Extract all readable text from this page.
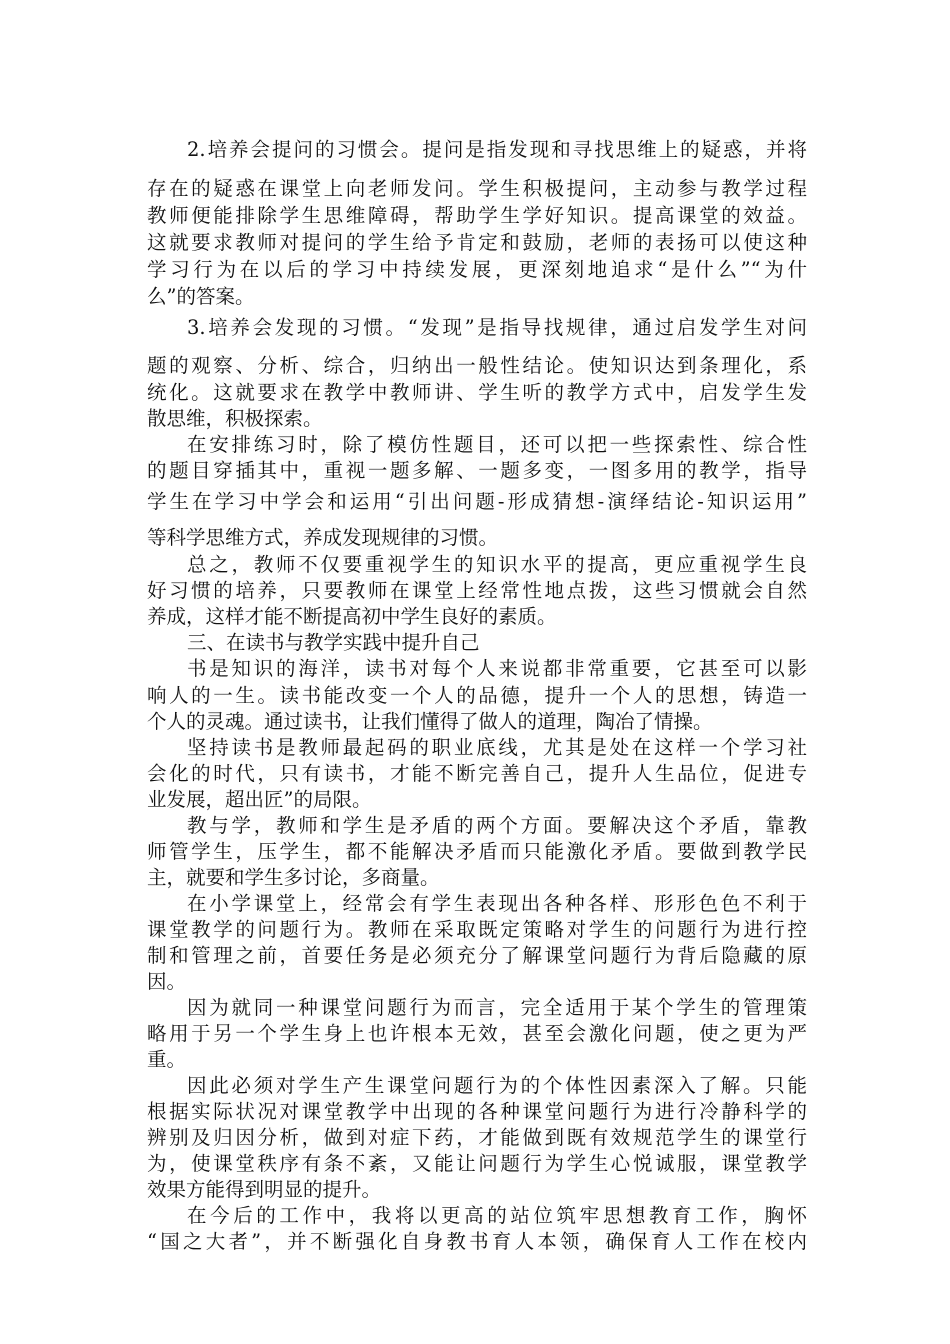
2.培养会提问的习惯会。提问是指发现和寻找思维上的疑惑，并将
存在的疑惑在课堂上向老师发问。学生积极提问，主动参与教学过程
教师便能排除学生思维障碍，帮助学生学好知识。提高课堂的效益。
这就要求教师对提问的学生给予肯定和鼓励，老师的表扬可以使这种
学习行为在以后的学习中持续发展，更深刻地追求“是什么”“为什
么”的答案。
3.培养会发现的习惯。“发现”是指导找规律，通过启发学生对问
题的观察、分析、综合，归纳出一般性结论。使知识达到条理化，系
统化。这就要求在教学中教师讲、学生听的教学方式中，启发学生发
散思维，积极探索。
在安排练习时，除了模仿性题目，还可以把一些探索性、综合性
的题目穿插其中，重视一题多解、一题多变，一图多用的教学，指导
学生在学习中学会和运用“引出问题-形成猜想-演绎结论-知识运用”
等科学思维方式，养成发现规律的习惯。
总之，教师不仅要重视学生的知识水平的提高，更应重视学生良
好习惯的培养，只要教师在课堂上经常性地点拨，这些习惯就会自然
养成，这样才能不断提高初中学生良好的素质。
三、在读书与教学实践中提升自己
书是知识的海洋，读书对每个人来说都非常重要，它甚至可以影
响人的一生。读书能改变一个人的品德，提升一个人的思想，铸造一
个人的灵魂。通过读书，让我们懂得了做人的道理，陶冶了情操。
坚持读书是教师最起码的职业底线，尤其是处在这样一个学习社
会化的时代，只有读书，才能不断完善自己，提升人生品位，促进专
业发展，超出匠”的局限。
教与学，教师和学生是矛盾的两个方面。要解决这个矛盾，靠教
师管学生，压学生，都不能解决矛盾而只能激化矛盾。要做到教学民
主，就要和学生多讨论，多商量。
在小学课堂上，经常会有学生表现出各种各样、形形色色不利于
课堂教学的问题行为。教师在采取既定策略对学生的问题行为进行控
制和管理之前，首要任务是必须充分了解课堂问题行为背后隐藏的原
因。
因为就同一种课堂问题行为而言，完全适用于某个学生的管理策
略用于另一个学生身上也许根本无效，甚至会激化问题，使之更为严
重。
因此必须对学生产生课堂问题行为的个体性因素深入了解。只能
根据实际状况对课堂教学中出现的各种课堂问题行为进行冷静科学的
辨别及归因分析，做到对症下药，才能做到既有效规范学生的课堂行
为，使课堂秩序有条不紊，又能让问题行为学生心悦诚服，课堂教学
效果方能得到明显的提升。
在今后的工作中，我将以更高的站位筑牢思想教育工作，胸怀
“国之大者”，并不断强化自身教书育人本领，确保育人工作在校内
